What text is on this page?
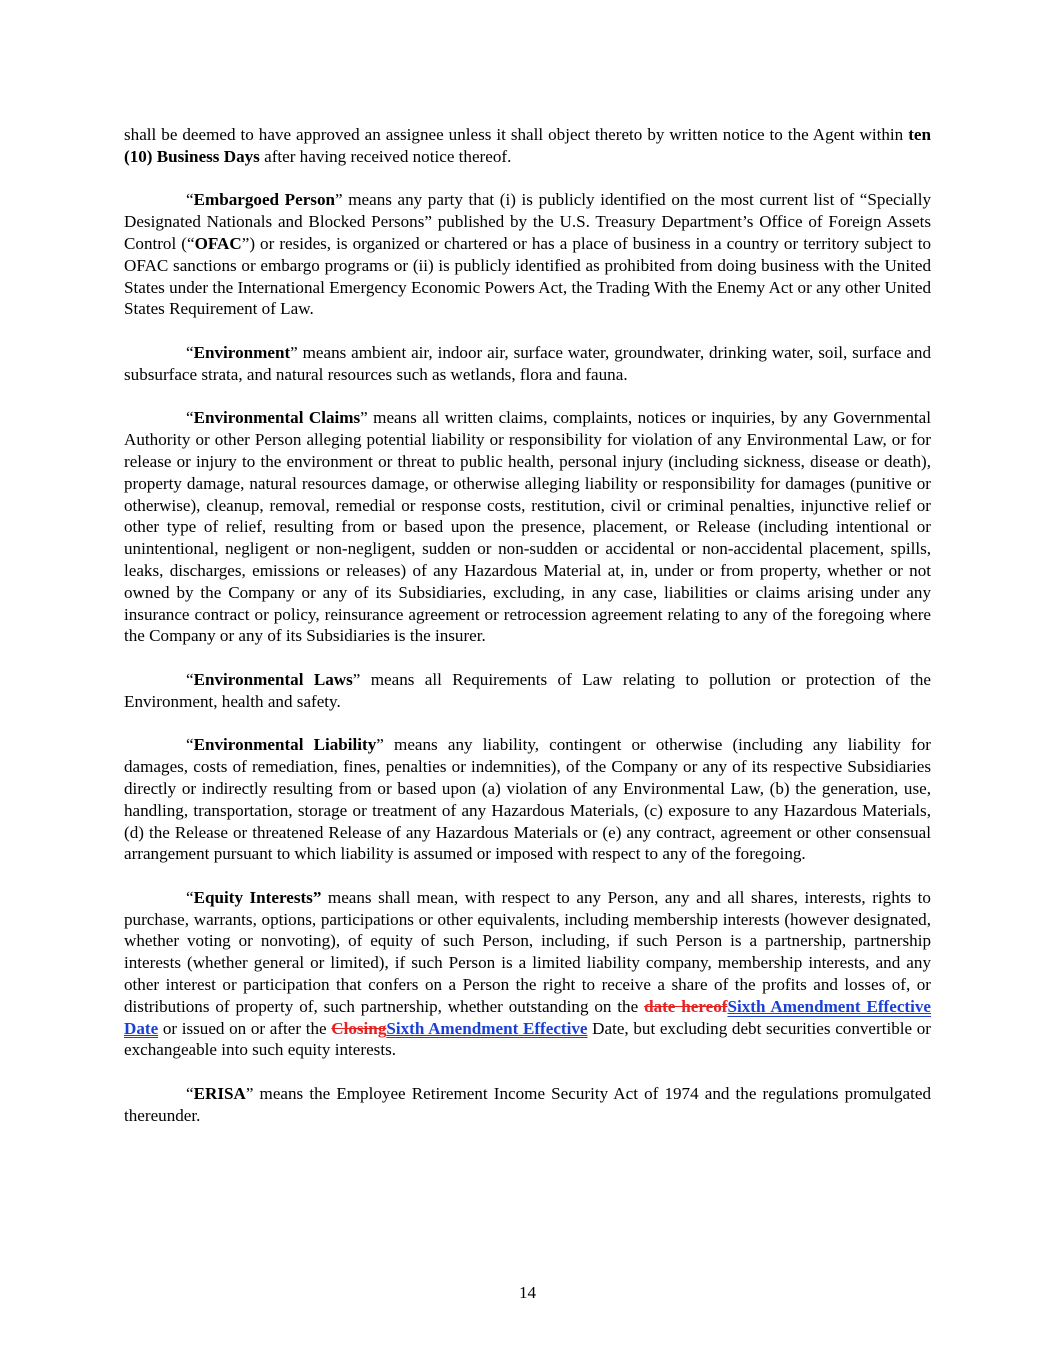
shall be deemed to have approved an assignee unless it shall object thereto by written notice to the Agent within ten (10) Business Days after having received notice thereof.

“Embargoed Person” means any party that (i) is publicly identified on the most current list of “Specially Designated Nationals and Blocked Persons” published by the U.S. Treasury Department’s Office of Foreign Assets Control (“OFAC”) or resides, is organized or chartered or has a place of business in a country or territory subject to OFAC sanctions or embargo programs or (ii) is publicly identified as prohibited from doing business with the United States under the International Emergency Economic Powers Act, the Trading With the Enemy Act or any other United States Requirement of Law.

“Environment” means ambient air, indoor air, surface water, groundwater, drinking water, soil, surface and subsurface strata, and natural resources such as wetlands, flora and fauna.

“Environmental Claims” means all written claims, complaints, notices or inquiries, by any Governmental Authority or other Person alleging potential liability or responsibility for violation of any Environmental Law, or for release or injury to the environment or threat to public health, personal injury (including sickness, disease or death), property damage, natural resources damage, or otherwise alleging liability or responsibility for damages (punitive or otherwise), cleanup, removal, remedial or response costs, restitution, civil or criminal penalties, injunctive relief or other type of relief, resulting from or based upon the presence, placement, or Release (including intentional or unintentional, negligent or non-negligent, sudden or non-sudden or accidental or non-accidental placement, spills, leaks, discharges, emissions or releases) of any Hazardous Material at, in, under or from property, whether or not owned by the Company or any of its Subsidiaries, excluding, in any case, liabilities or claims arising under any insurance contract or policy, reinsurance agreement or retrocession agreement relating to any of the foregoing where the Company or any of its Subsidiaries is the insurer.

“Environmental Laws” means all Requirements of Law relating to pollution or protection of the Environment, health and safety.

“Environmental Liability” means any liability, contingent or otherwise (including any liability for damages, costs of remediation, fines, penalties or indemnities), of the Company or any of its respective Subsidiaries directly or indirectly resulting from or based upon (a) violation of any Environmental Law, (b) the generation, use, handling, transportation, storage or treatment of any Hazardous Materials, (c) exposure to any Hazardous Materials, (d) the Release or threatened Release of any Hazardous Materials or (e) any contract, agreement or other consensual arrangement pursuant to which liability is assumed or imposed with respect to any of the foregoing.

“Equity Interests” means shall mean, with respect to any Person, any and all shares, interests, rights to purchase, warrants, options, participations or other equivalents, including membership interests (however designated, whether voting or nonvoting), of equity of such Person, including, if such Person is a partnership, partnership interests (whether general or limited), if such Person is a limited liability company, membership interests, and any other interest or participation that confers on a Person the right to receive a share of the profits and losses of, or distributions of property of, such partnership, whether outstanding on the date hereofSixth Amendment Effective Date or issued on or after the ClosingSixth Amendment Effective Date, but excluding debt securities convertible or exchangeable into such equity interests.

“ERISA” means the Employee Retirement Income Security Act of 1974 and the regulations promulgated thereunder.

14
